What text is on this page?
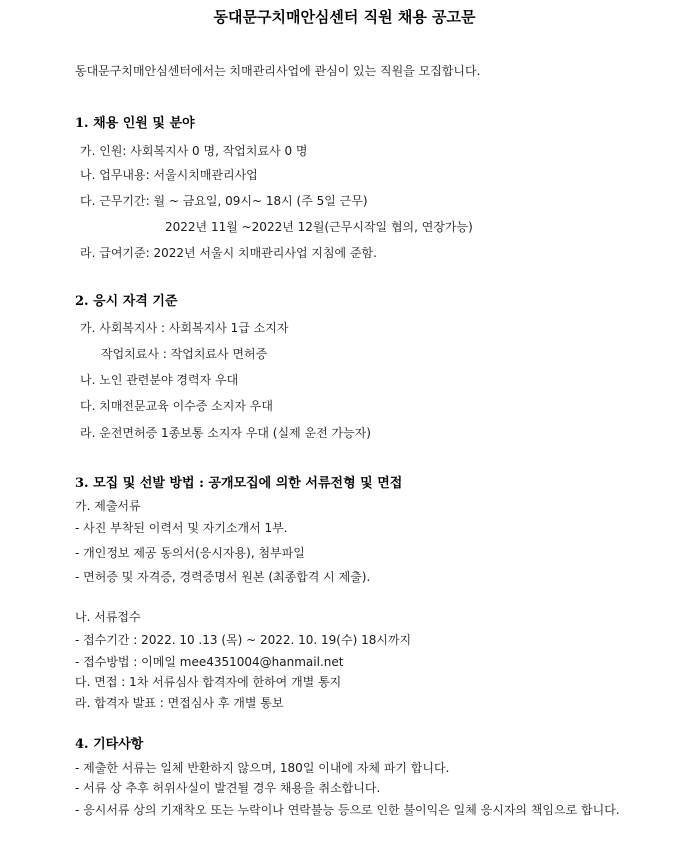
동대문구치매안심센터 직원 채용 공고문
동대문구치매안심센터에서는 치매관리사업에 관심이 있는 직원을 모집합니다.
1. 채용 인원 및 분야
가. 인원: 사회복지사 0 명, 작업치료사 0 명
나. 업무내용: 서울시치매관리사업
다. 근무기간: 월 ~ 금요일, 09시~ 18시 (주 5일 근무)
2022년 11월 ~2022년 12월(근무시작일 협의, 연장가능)
라. 급여기준: 2022년 서울시 치매관리사업 지침에 준함.
2. 응시 자격 기준
가. 사회복지사 : 사회복지사 1급 소지자
작업치료사 : 작업치료사 면허증
나. 노인 관련분야 경력자 우대
다. 치매전문교육 이수증 소지자 우대
라. 운전면허증 1종보통 소지자 우대 (실제 운전 가능자)
3. 모집 및 선발 방법 : 공개모집에 의한 서류전형 및 면접
가. 제출서류
- 사진 부착된 이력서 및 자기소개서 1부.
- 개인정보 제공 동의서(응시자용), 첨부파일
- 면허증 및 자격증, 경력증명서 원본 (최종합격 시 제출).
나. 서류접수
- 접수기간 : 2022. 10 .13 (목) ~ 2022. 10. 19(수) 18시까지
- 접수방법 : 이메일 mee4351004@hanmail.net
다. 면접 : 1차 서류심사 합격자에 한하여 개별 통지
라. 합격자 발표 : 면접심사 후 개별 통보
4. 기타사항
- 제출한 서류는 일체 반환하지 않으며, 180일 이내에 자체 파기 합니다.
- 서류 상 추후 허위사실이 발견될 경우 채용을 취소합니다.
- 응시서류 상의 기재착오 또는 누락이나 연락불능 등으로 인한 불이익은 일체 응시자의 책임으로 합니다.
